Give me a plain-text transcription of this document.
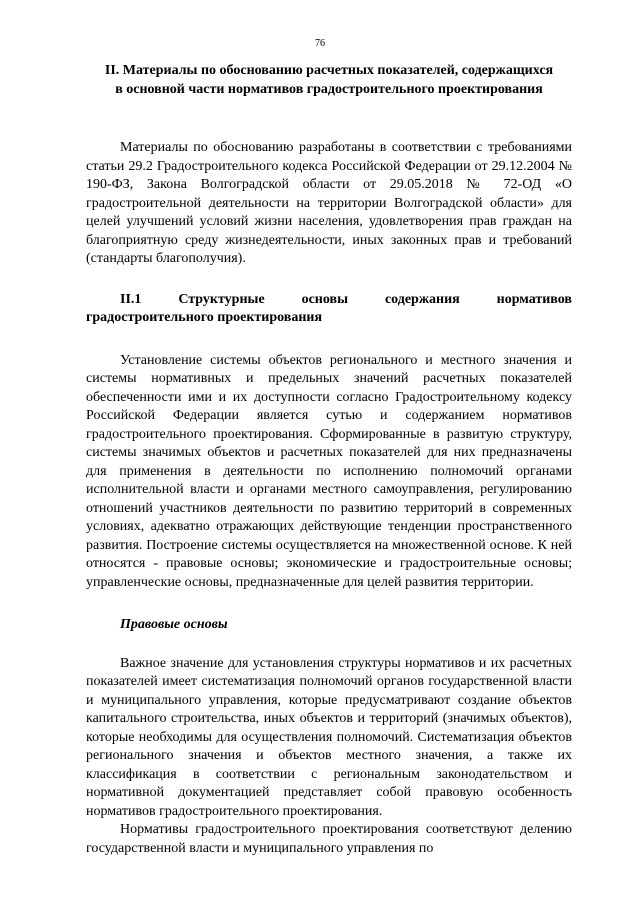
76
II. Материалы по обоснованию расчетных показателей, содержащихся
в основной части нормативов градостроительного проектирования

Материалы по обоснованию разработаны в соответствии с требованиями статьи 29.2 Градостроительного кодекса Российской Федерации от 29.12.2004 № 190-ФЗ, Закона Волгоградской области от 29.05.2018 № 72-ОД «О градостроительной деятельности на территории Волгоградской области» для целей улучшений условий жизни населения, удовлетворения прав граждан на благоприятную среду жизнедеятельности, иных законных прав и требований (стандарты благополучия).

II.1	Структурные	основы	содержания	нормативов
градостроительного проектирования

Установление системы объектов регионального и местного значения и системы нормативных и предельных значений расчетных показателей обеспеченности ими и их доступности согласно Градостроительному кодексу Российской Федерации является сутью и содержанием нормативов градостроительного проектирования. Сформированные в развитую структуру, системы значимых объектов и расчетных показателей для них предназначены для применения в деятельности по исполнению полномочий органами исполнительной власти и органами местного самоуправления, регулированию отношений участников деятельности по развитию территорий в современных условиях, адекватно отражающих действующие тенденции пространственного развития. Построение системы осуществляется на множественной основе. К ней относятся - правовые основы; экономические и градостроительные основы; управленческие основы, предназначенные для целей развития территории.

Правовые основы

Важное значение для установления структуры нормативов и их расчетных показателей имеет систематизация полномочий органов государственной власти и муниципального управления, которые предусматривают создание объектов капитального строительства, иных объектов и территорий (значимых объектов), которые необходимы для осуществления полномочий. Систематизация объектов регионального значения и объектов местного значения, а также их классификация в соответствии с региональным законодательством и нормативной документацией представляет собой правовую особенность нормативов градостроительного проектирования.

Нормативы градостроительного проектирования соответствуют делению государственной власти и муниципального управления по
